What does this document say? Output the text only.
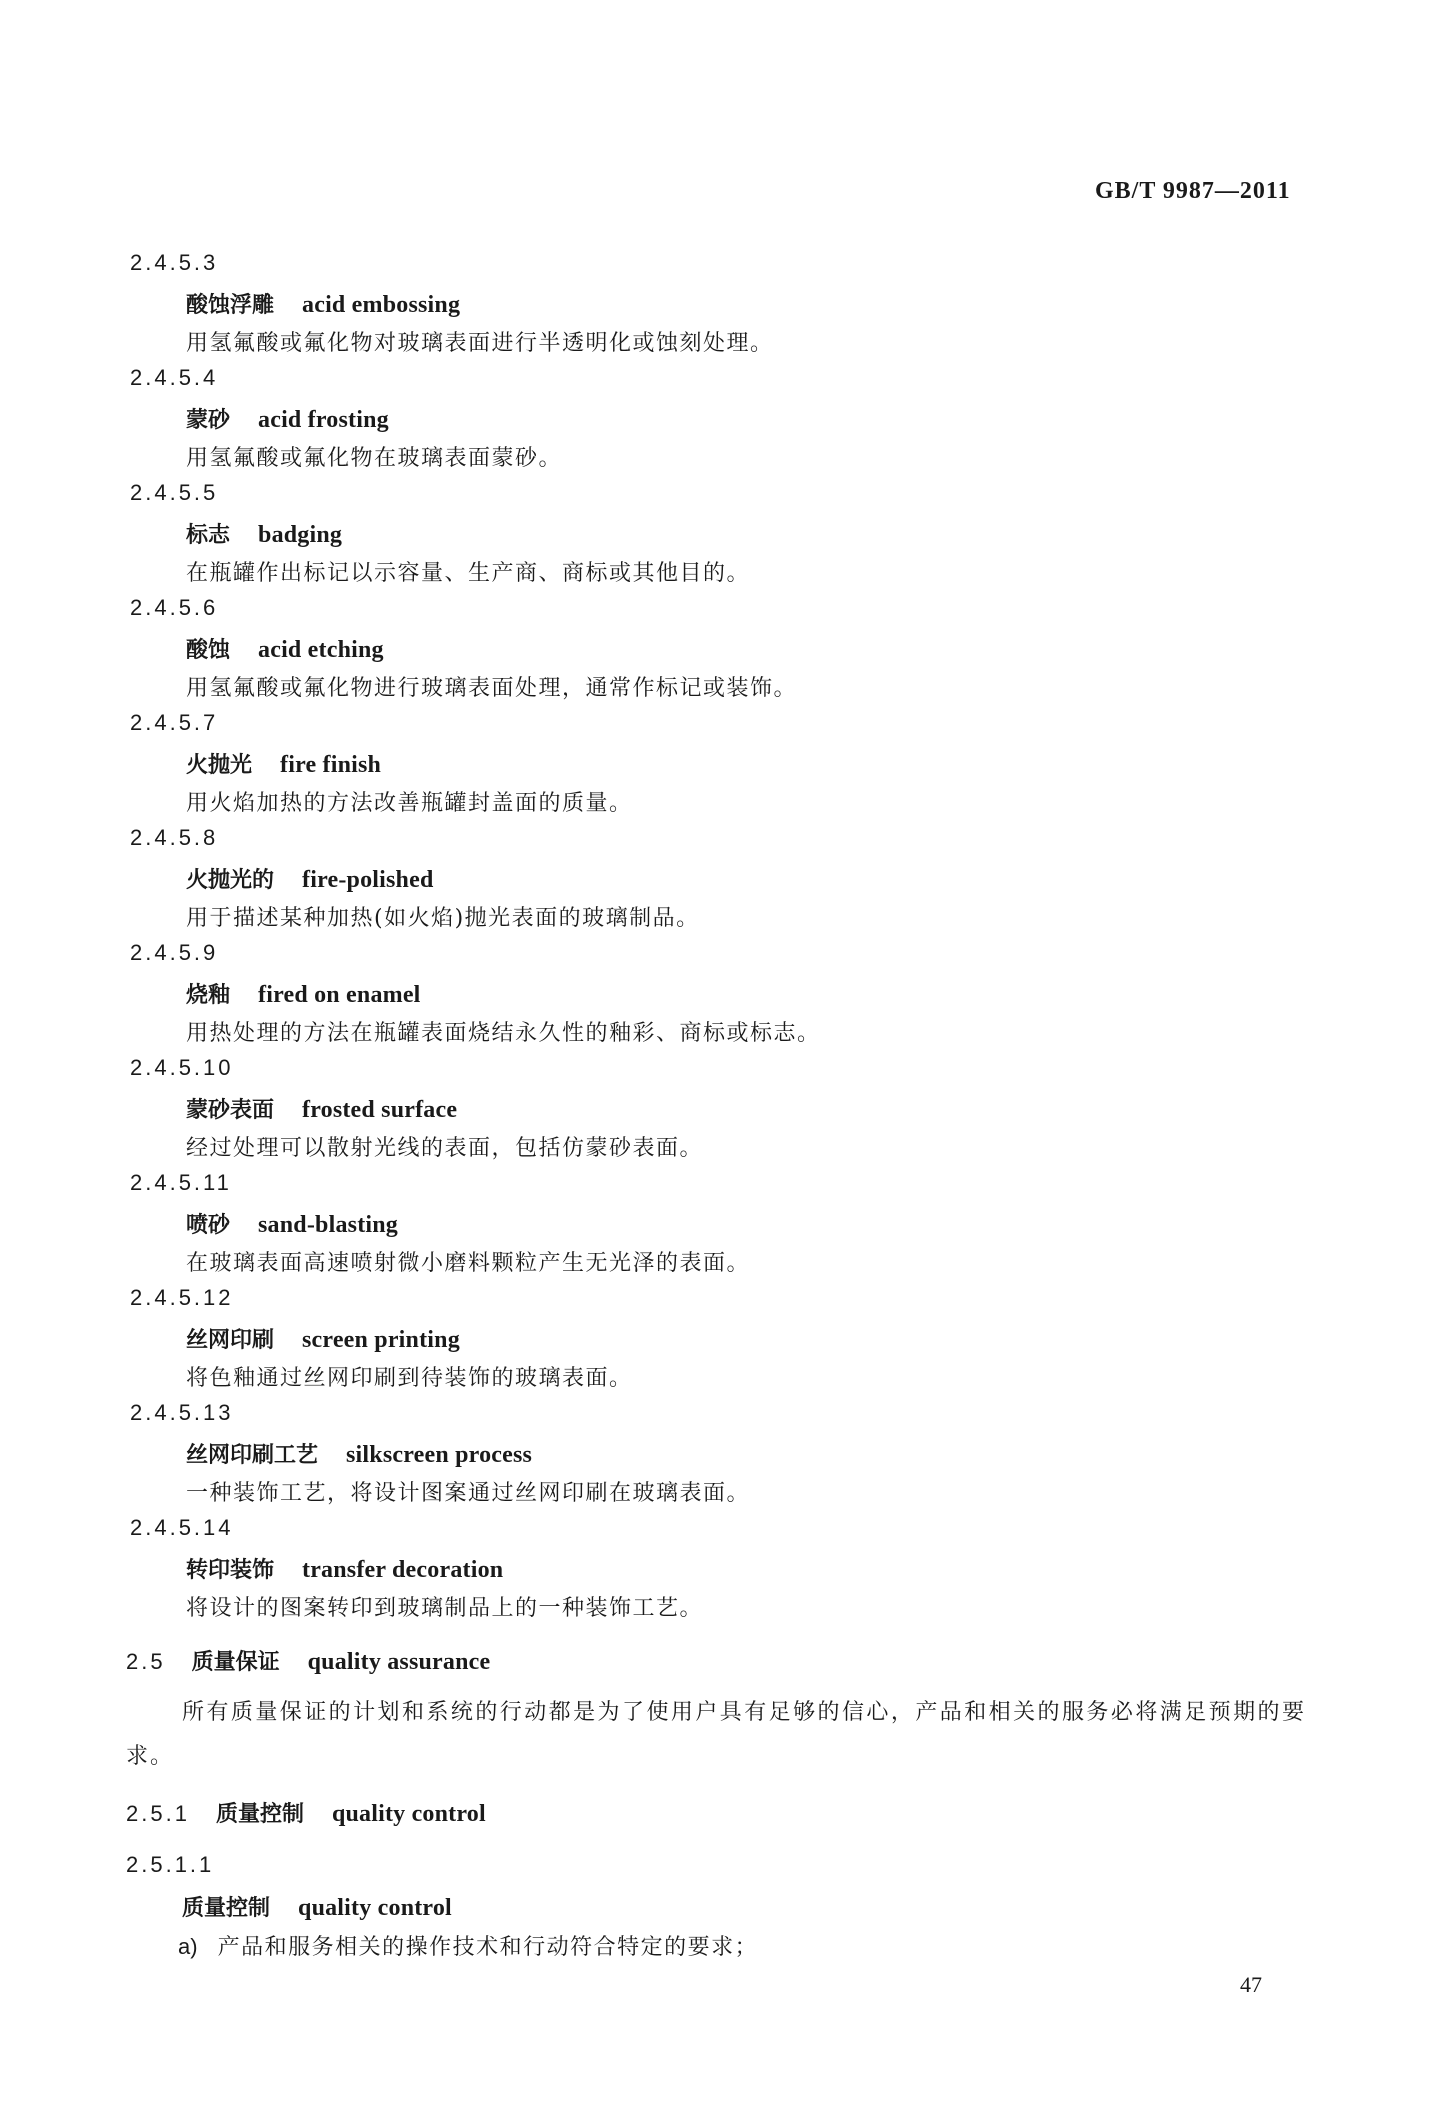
GB/T 9987—2011
2.4.5.3
酸蚀浮雕 acid embossing
用氢氟酸或氟化物对玻璃表面进行半透明化或蚀刻处理。
2.4.5.4
蒙砂 acid frosting
用氢氟酸或氟化物在玻璃表面蒙砂。
2.4.5.5
标志 badging
在瓶罐作出标记以示容量、生产商、商标或其他目的。
2.4.5.6
酸蚀 acid etching
用氢氟酸或氟化物进行玻璃表面处理，通常作标记或装饰。
2.4.5.7
火抛光 fire finish
用火焰加热的方法改善瓶罐封盖面的质量。
2.4.5.8
火抛光的 fire-polished
用于描述某种加热(如火焰)抛光表面的玻璃制品。
2.4.5.9
烧釉 fired on enamel
用热处理的方法在瓶罐表面烧结永久性的釉彩、商标或标志。
2.4.5.10
蒙砂表面 frosted surface
经过处理可以散射光线的表面，包括仿蒙砂表面。
2.4.5.11
喷砂 sand-blasting
在玻璃表面高速喷射微小磨料颗粒产生无光泽的表面。
2.4.5.12
丝网印刷 screen printing
将色釉通过丝网印刷到待装饰的玻璃表面。
2.4.5.13
丝网印刷工艺 silkscreen process
一种装饰工艺，将设计图案通过丝网印刷在玻璃表面。
2.4.5.14
转印装饰 transfer decoration
将设计的图案转印到玻璃制品上的一种装饰工艺。
2.5 质量保证 quality assurance
所有质量保证的计划和系统的行动都是为了使用户具有足够的信心，产品和相关的服务必将满足预期的要求。
2.5.1 质量控制 quality control
2.5.1.1
质量控制 quality control
a) 产品和服务相关的操作技术和行动符合特定的要求；
47
